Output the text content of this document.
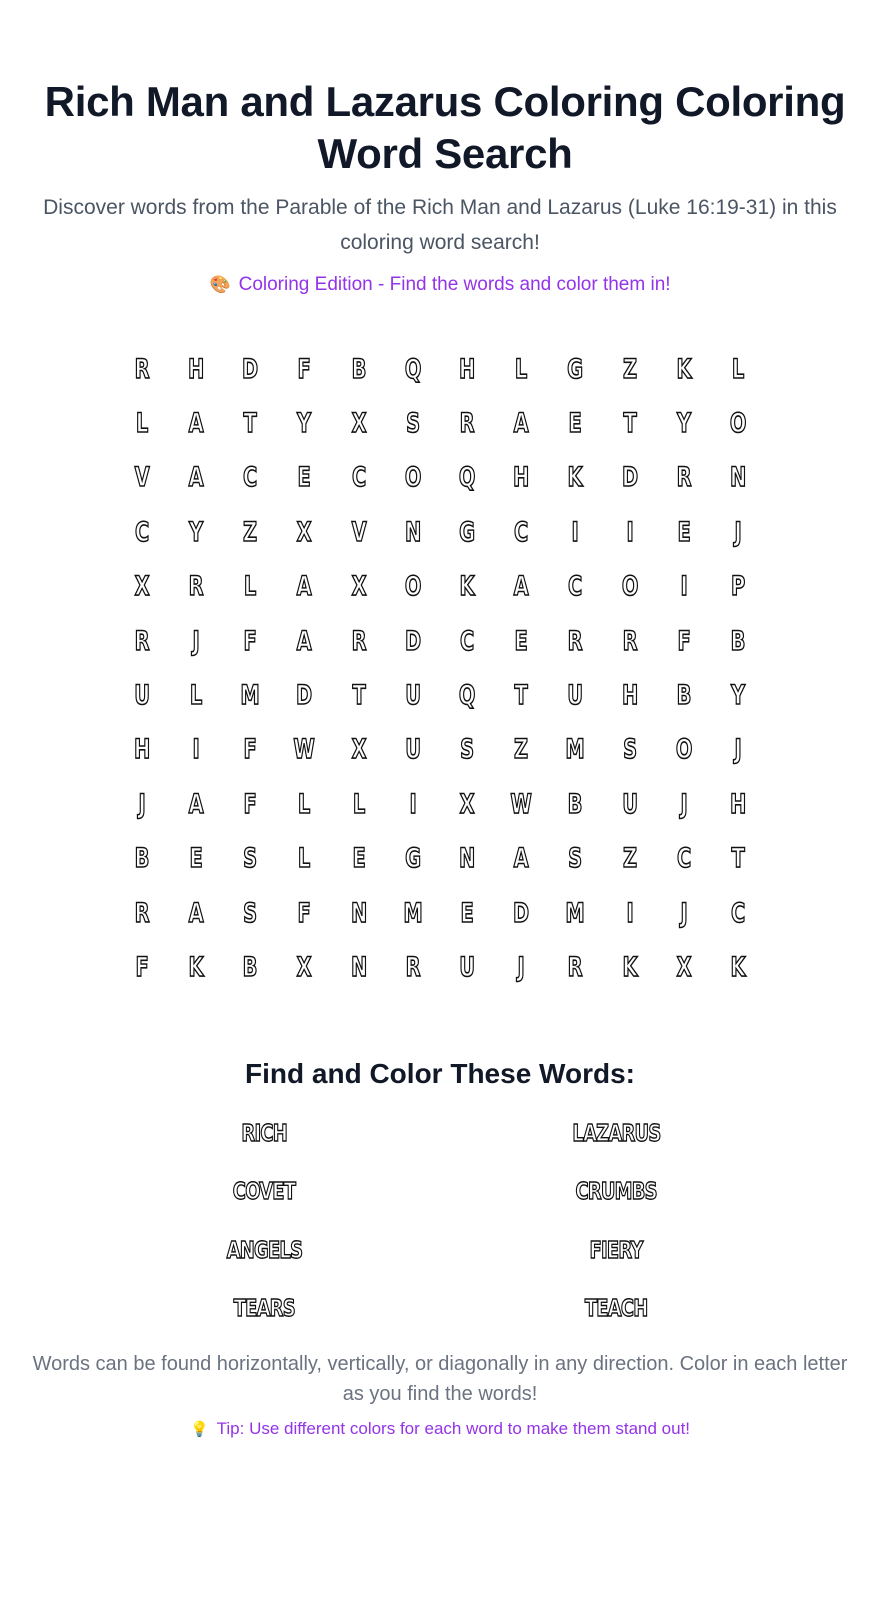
Rich Man and Lazarus Coloring Coloring Word Search
Discover words from the Parable of the Rich Man and Lazarus (Luke 16:19-31) in this coloring word search!
🎨 Coloring Edition - Find the words and color them in!
R	H	D	F	B	Q	H	L	G	Z	K	L
L	A	T	Y	X	S	R	A	E	T	Y	O
V	A	C	E	C	O	Q	H	K	D	R	N
C	Y	Z	X	V	N	G	C	I	I	E	J
X	R	L	A	X	O	K	A	C	O	I	P
R	J	F	A	R	D	C	E	R	R	F	B
U	L	M	D	T	U	Q	T	U	H	B	Y
H	I	F	W	X	U	S	Z	M	S	O	J
J	A	F	L	L	I	X	W	B	U	J	H
B	E	S	L	E	G	N	A	S	Z	C	T
R	A	S	F	N	M	E	D	M	I	J	C
F	K	B	X	N	R	U	J	R	K	X	K
Find and Color These Words:
RICH	LAZARUS
COVET	CRUMBS
ANGELS	FIERY
TEARS	TEACH
Words can be found horizontally, vertically, or diagonally in any direction. Color in each letter as you find the words!
💡 Tip: Use different colors for each word to make them stand out!
